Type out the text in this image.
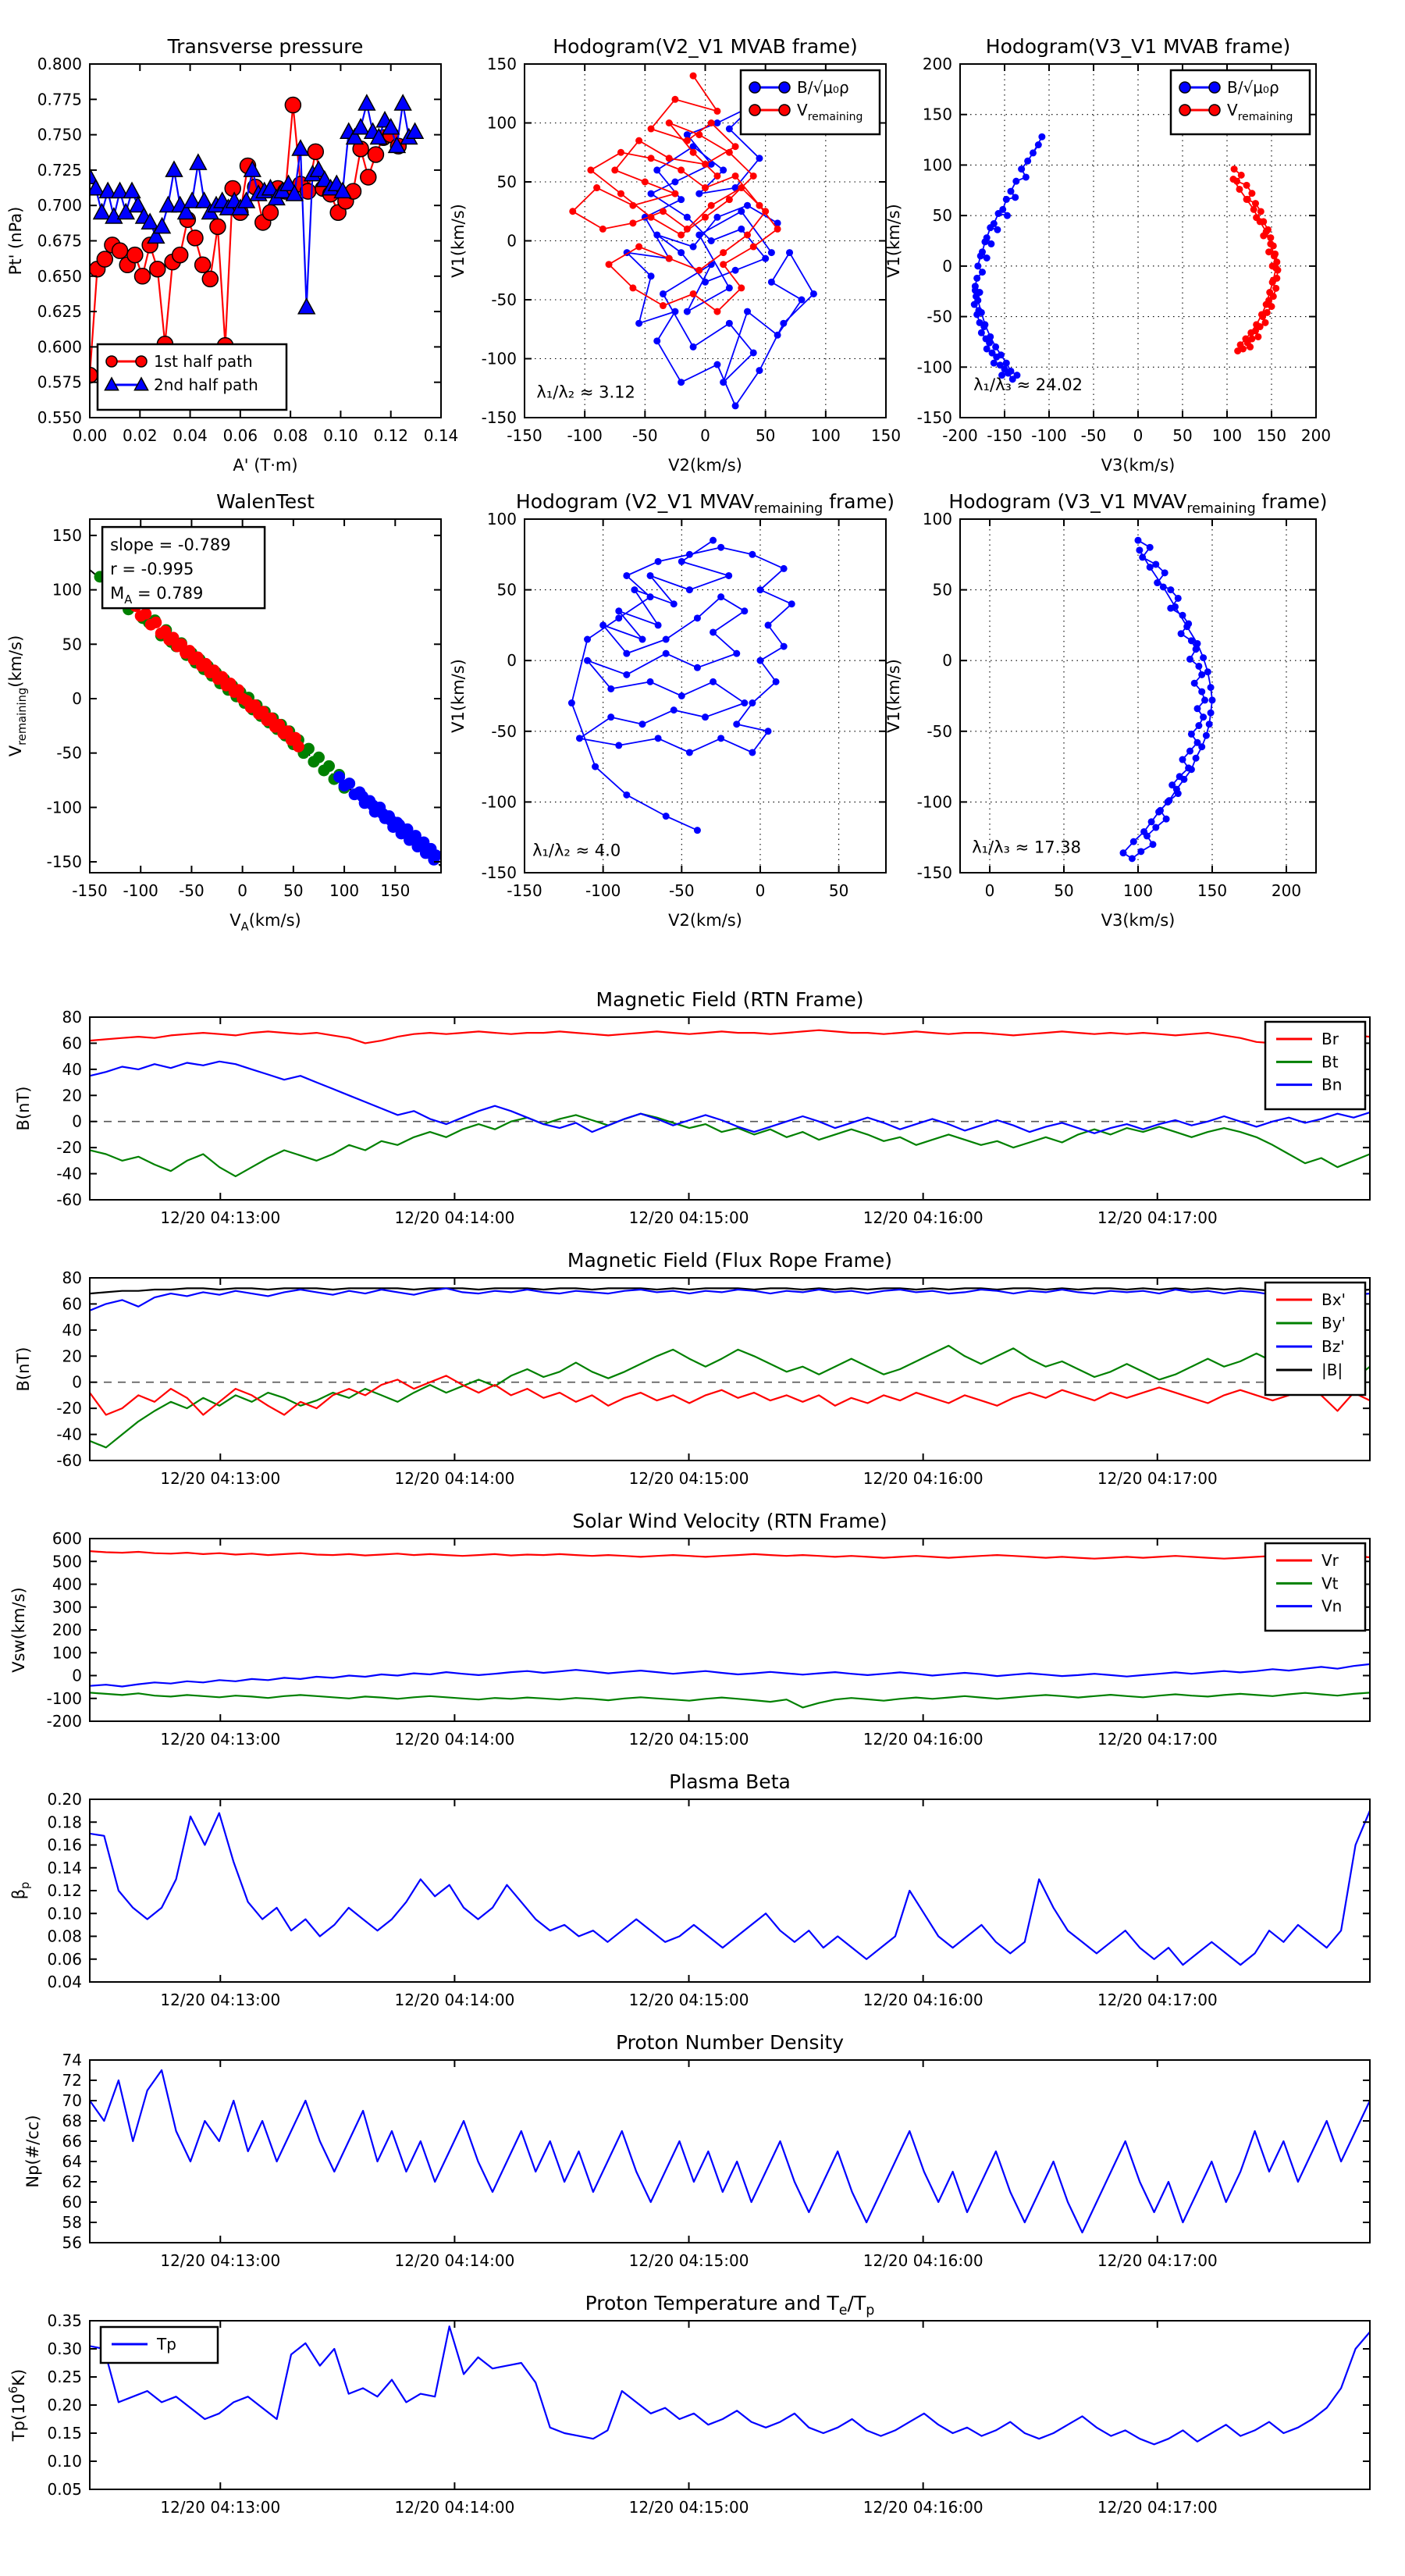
0.00 0.02 0.04 0.06 0.08 0.10 0.12 0.14
0.550
0.575
0.600
0.625
0.650
0.675
0.700
0.725
0.750
0.775
0.800
Transverse pressure
A' (T·m)
Pt' (nPa)
1st half path
2nd half path
-150 -100 -50	0	50 100 150
-150
-100
-50
0
50
100
150
Hodogram(V2_V1 MVAB frame)
V2(km/s)
V1(km/s)
λ₁/λ₂ ≈ 3.12
B/√μ₀ρ
$V_{remaining}$
-200 -150 -100 -50 0 50 100 150 200
-150
-100
-50
0
50
100
150
200
Hodogram(V3_V1 MVAB frame)
V3(km/s)
V1(km/s)
λ₁/λ₃ ≈ 24.02
B/√μ₀ρ
$V_{remaining}$
-150 -100 -50 0 50 100 150
-150
-100
-50
0
50
100
150
WalenTest
$V_A(km/s)$
$V_{remaining}(km/s)$
slope = -0.789
r = -0.995
$M_A = 0.789$
-150	-100	-50	0	50
-150
-100
-50
0
50
100
Hodogram (V2_V1 $MVAV_{remaining}$ frame)
V2(km/s)
V1(km/s)
λ₁/λ₂ ≈ 4.0
0	50	100	150	200
-150
-100
-50
0
50
100
Hodogram (V3_V1 $MVAV_{remaining}$ frame)
V3(km/s)
V1(km/s)
λ₁/λ₃ ≈ 17.38
12/20 04:13:00	12/20 04:14:00	12/20 04:15:00	12/20 04:16:00	12/20 04:17:00
-60
-40
-20
0
20
40
60
80
Magnetic Field (RTN Frame)
B(nT)
Br
Bt
Bn
12/20 04:13:00	12/20 04:14:00	12/20 04:15:00	12/20 04:16:00	12/20 04:17:00
-60
-40
-20
0
20
40
60
80
Magnetic Field (Flux Rope Frame)
B(nT)
Bx'
By'
Bz'
|B|
12/20 04:13:00	12/20 04:14:00	12/20 04:15:00	12/20 04:16:00	12/20 04:17:00
-200
-100
0
100
200
300
400
500
600
Solar Wind Velocity (RTN Frame)
Vsw(km/s)
Vr
Vt
Vn
12/20 04:13:00	12/20 04:14:00	12/20 04:15:00	12/20 04:16:00	12/20 04:17:00
0.04
0.06
0.08
0.10
0.12
0.14
0.16
0.18
0.20
Plasma Beta
$\beta_p$
12/20 04:13:00	12/20 04:14:00	12/20 04:15:00	12/20 04:16:00	12/20 04:17:00
56
58
60
62
64
66
68
70
72
74
Proton Number Density
Np(#/cc)
12/20 04:13:00	12/20 04:14:00	12/20 04:15:00	12/20 04:16:00	12/20 04:17:00
0.05
0.10
0.15
0.20
0.25
0.30
0.35
Proton Temperature and $T_e/T_p$
$Tp(10^6K)$
Tp
